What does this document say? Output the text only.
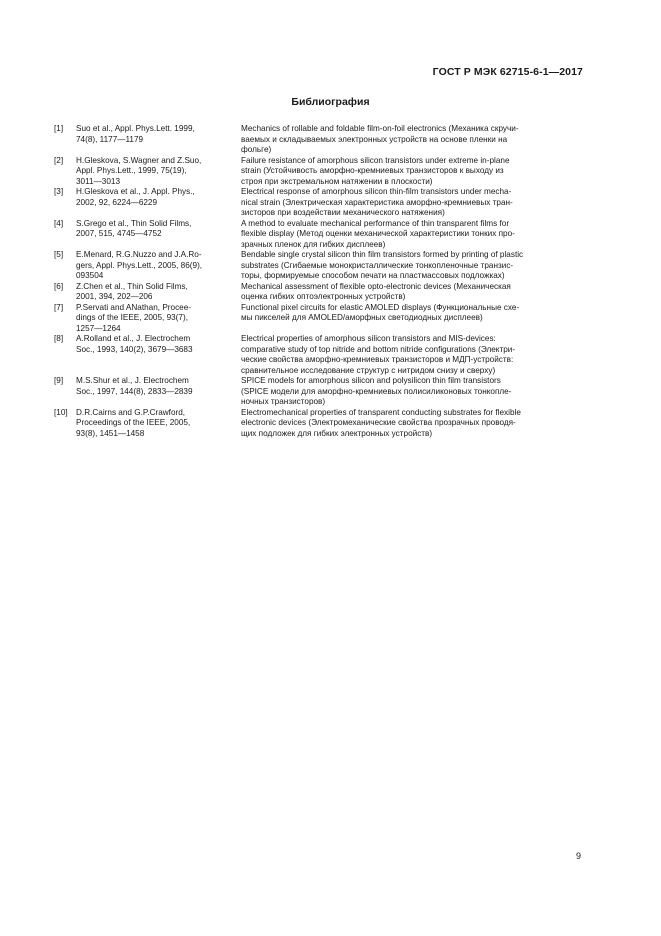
ГОСТ Р МЭК 62715-6-1—2017
Библиография
[1] Suo et al., Appl. Phys.Lett. 1999,
74(8), 1177—1179
Mechanics of rollable and foldable film-on-foil electronics (Механика скручи-
ваемых и складываемых электронных устройств на основе пленки на
фольге)
[2] H.Gleskova, S.Wagner and Z.Suo,
Appl. Phys.Lett., 1999, 75(19),
3011—3013
Failure resistance of amorphous silicon transistors under extreme in-plane
strain (Устойчивость аморфно-кремниевых транзисторов к выходу из
строя при экстремальном натяжении в плоскости)
[3] H.Gleskova et al., J. Appl. Phys.,
2002, 92, 6224—6229
Electrical response of amorphous silicon thin-film transistors under mecha-
nical strain (Электрическая характеристика аморфно-кремниевых тран-
зисторов при воздействии механического натяжения)
[4] S.Grego et al., Thin Solid Films,
2007, 515, 4745—4752
A method to evaluate mechanical performance of thin transparent films for
flexible display (Метод оценки механической характеристики тонких про-
зрачных пленок для гибких дисплеев)
[5] E.Menard, R.G.Nuzzo and J.A.Ro-
gers, Appl. Phys.Lett., 2005, 86(9),
093504
Bendable single crystal silicon thin film transistors formed by printing of plastic
substrates (Сгибаемые монокристаллические тонкопленочные транзис-
торы, формируемые способом печати на пластмассовых подложках)
[6] Z.Chen et al., Thin Solid Films,
2001, 394, 202—206
Mechanical assessment of flexible opto-electronic devices (Механическая
оценка гибких оптоэлектронных устройств)
[7] P.Servati and ANathan, Procee-
dings of the IEEE, 2005, 93(7),
1257—1264
Functional pixel circuits for elastic AMOLED displays (Функциональные схе-
мы пикселей для AMOLED/аморфных светодиодных дисплеев)

[8] A.Rolland et al., J. Electrochem
Soc., 1993, 140(2), 3679—3683
Electrical properties of amorphous silicon transistors and MIS-devices:
comparative study of top nitride and bottom nitride configurations (Электри-
ческие свойства аморфно-кремниевых транзисторов и МДП-устройств:
сравнительное исследование структур с нитридом снизу и сверху)
[9] M.S.Shur et al., J. Electrochem
Soc., 1997, 144(8), 2833—2839
SPICE models for amorphous silicon and polysilicon thin film transistors
(SPICE модели для аморфно-кремниевых полисиликоновых тонкопле-
ночных транзисторов)
[10] D.R.Cairns and G.P.Crawford,
Proceedings of the IEEE, 2005,
93(8), 1451—1458
Electromechanical properties of transparent conducting substrates for flexible
electronic devices (Электромеханические свойства прозрачных проводя-
щих подложек для гибких электронных устройств)
9
